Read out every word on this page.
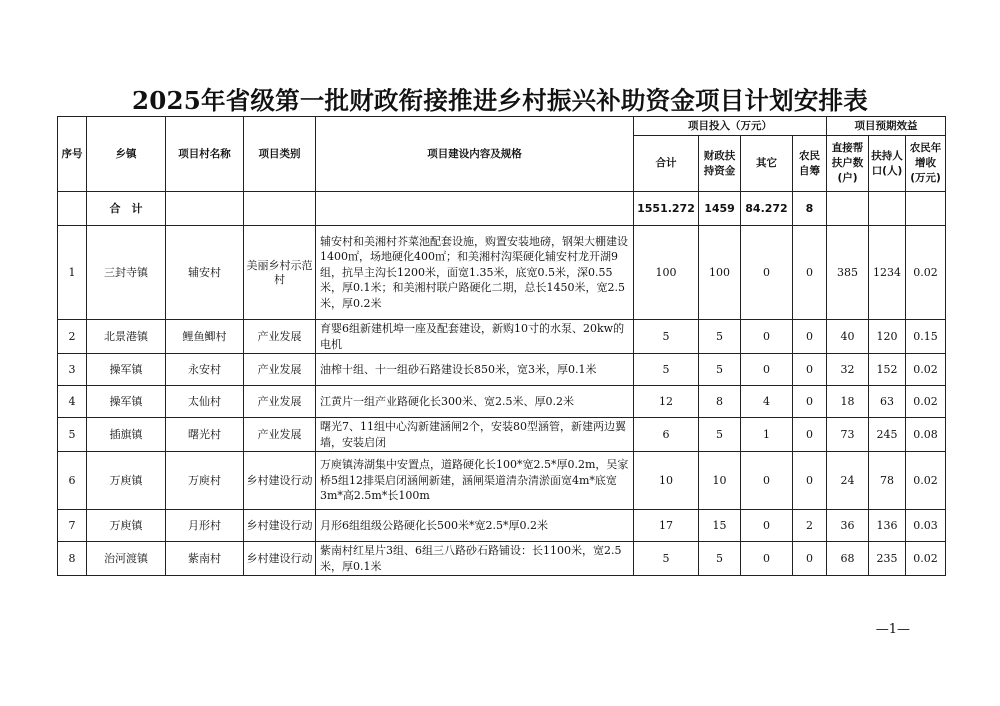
2025年省级第一批财政衔接推进乡村振兴补助资金项目计划安排表
序号	乡镇	项目村名称	项目类别	项目建设内容及规格	项目投入（万元）				项目预期效益		
					合计	财政扶持资金	其它	农民自筹	直接帮扶户数(户)	扶持人口(人)	农民年增收(万元)
	合　计				1551.272	1459	84.272	8			
1	三封寺镇	辅安村	美丽乡村示范村	辅安村和美湘村芥菜池配套设施，购置安装地磅，钢架大棚建设1400㎡，场地硬化400㎡；和美湘村沟渠硬化辅安村龙开湖9组，抗旱主沟长1200米，面宽1.35米，底宽0.5米，深0.55米，厚0.1米；和美湘村联户路硬化二期，总长1450米，宽2.5米，厚0.2米	100	100	0	0	385	1234	0.02
2	北景港镇	鲤鱼鲫村	产业发展	育婴6组新建机埠一座及配套建设，新购10寸的水泵、20kw的电机	5	5	0	0	40	120	0.15
3	操军镇	永安村	产业发展	油榨十组、十一组砂石路建设长850米，宽3米，厚0.1米	5	5	0	0	32	152	0.02
4	操军镇	太仙村	产业发展	江黄片一组产业路硬化长300米、宽2.5米、厚0.2米	12	8	4	0	18	63	0.02
5	插旗镇	曙光村	产业发展	曙光7、11组中心沟新建涵闸2个，安装80型涵管，新建两边翼墙，安装启闭	6	5	1	0	73	245	0.08
6	万庾镇	万庾村	乡村建设行动	万庾镇涛湖集中安置点，道路硬化长100*宽2.5*厚0.2m，吴家桥5组12排渠启闭涵闸新建，涵闸渠道清杂清淤面宽4m*底宽3m*高2.5m*长100m	10	10	0	0	24	78	0.02
7	万庾镇	月形村	乡村建设行动	月形6组组级公路硬化长500米*宽2.5*厚0.2米	17	15	0	2	36	136	0.03
8	治河渡镇	紫南村	乡村建设行动	紫南村红星片3组、6组三八路砂石路铺设：长1100米，宽2.5米，厚0.1米	5	5	0	0	68	235	0.02
—1—
